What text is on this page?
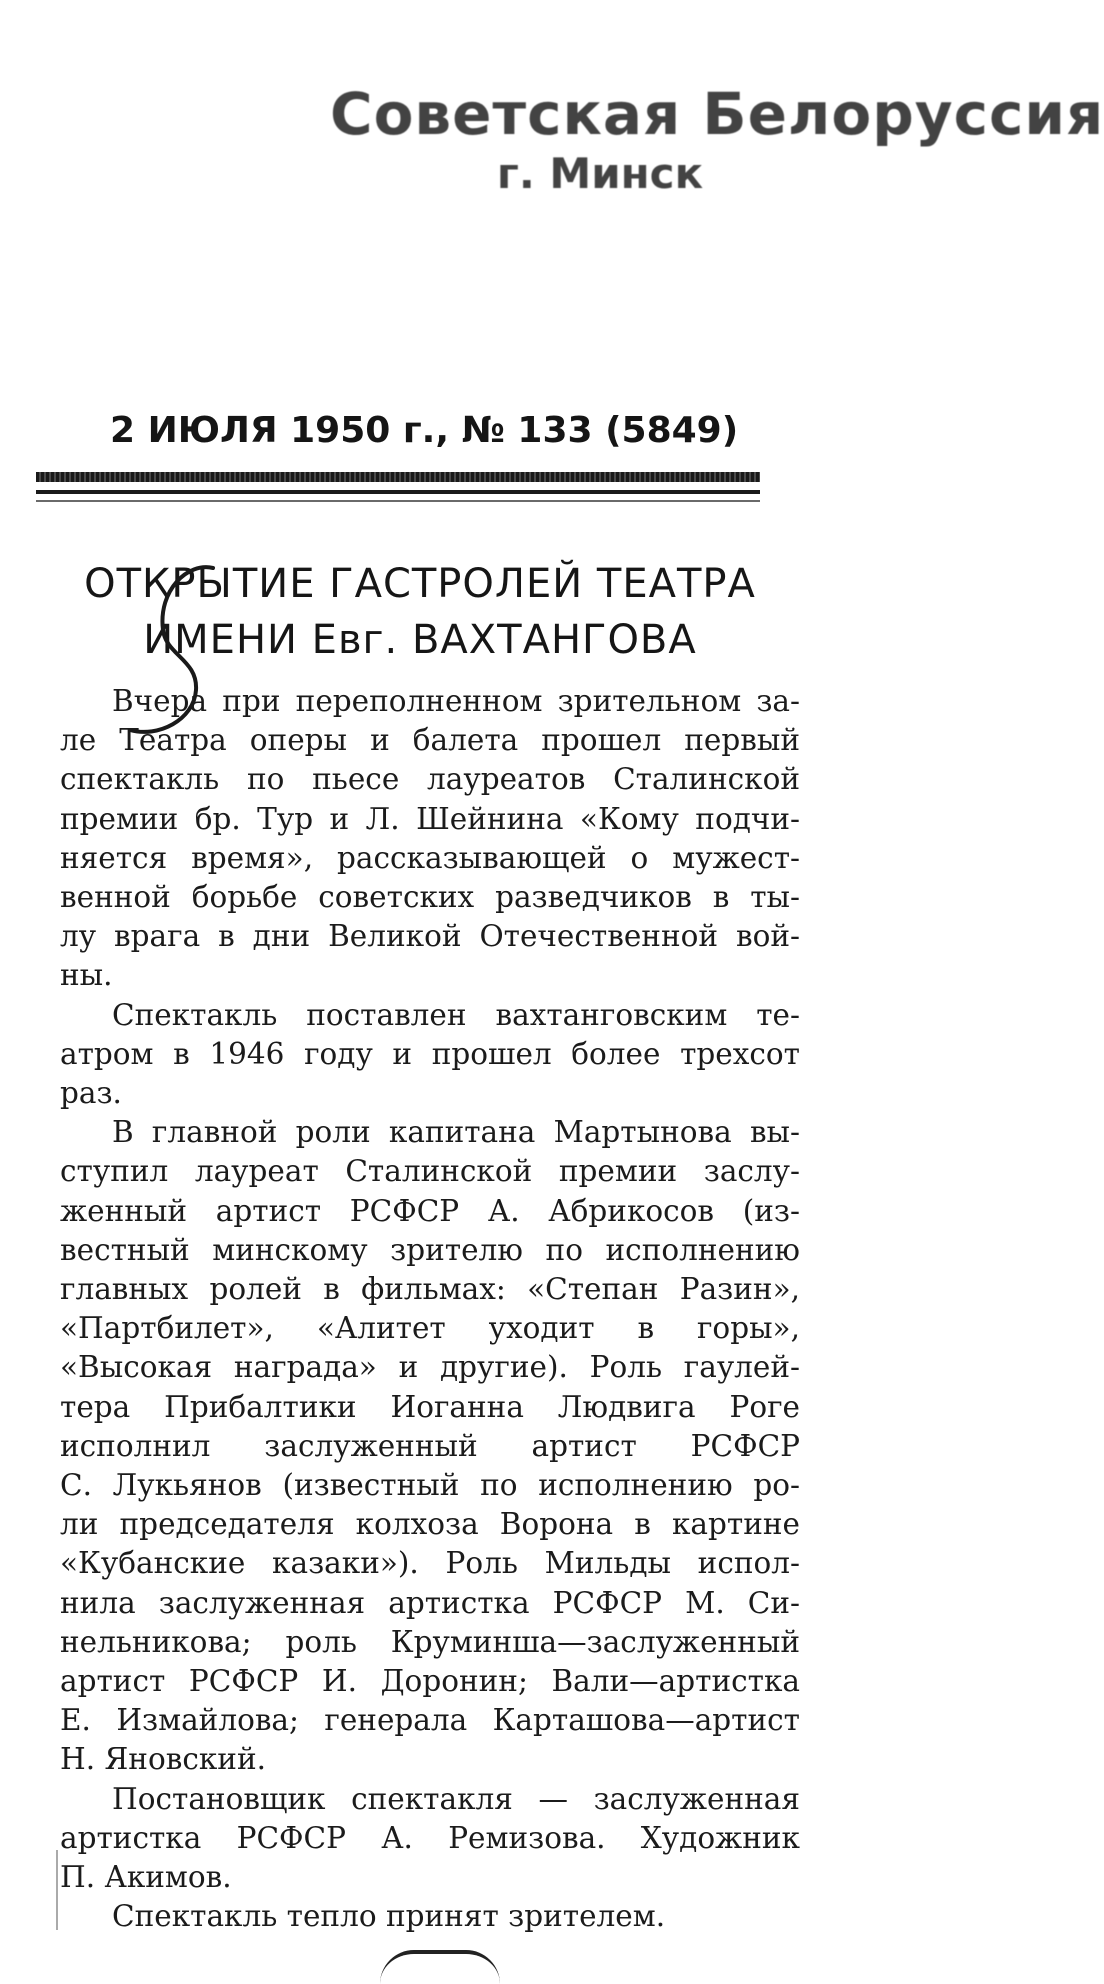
Советская Белоруссия
г. Минск
2 ИЮЛЯ 1950 г., № 133 (5849)
ОТКРЫТИЕ ГАСТРОЛЕЙ ТЕАТРА
ИМЕНИ Евг. ВАХТАНГОВА
Вчера при переполненном зрительном за-
ле Театра оперы и балета прошел первый
спектакль по пьесе лауреатов Сталинской
премии бр. Тур и Л. Шейнина «Кому подчи-
няется время», рассказывающей о мужест-
венной борьбе советских разведчиков в ты-
лу врага в дни Великой Отечественной вой-
ны.
Спектакль поставлен вахтанговским те-
атром в 1946 году и прошел более трехсот
раз.
В главной роли капитана Мартынова вы-
ступил лауреат Сталинской премии заслу-
женный артист РСФСР А. Абрикосов (из-
вестный минскому зрителю по исполнению
главных ролей в фильмах: «Степан Разин»,
«Партбилет», «Алитет уходит в горы»,
«Высокая награда» и другие). Роль гаулей-
тера Прибалтики Иоганна Людвига Роге
исполнил заслуженный артист РСФСР
С. Лукьянов (известный по исполнению ро-
ли председателя колхоза Ворона в картине
«Кубанские казаки»). Роль Мильды испол-
нила заслуженная артистка РСФСР М. Си-
нельникова; роль Круминша—заслуженный
артист РСФСР И. Доронин; Вали—артистка
Е. Измайлова; генерала Карташова—артист
Н. Яновский.
Постановщик спектакля — заслуженная
артистка РСФСР А. Ремизова. Художник
П. Акимов.
Спектакль тепло принят зрителем.
